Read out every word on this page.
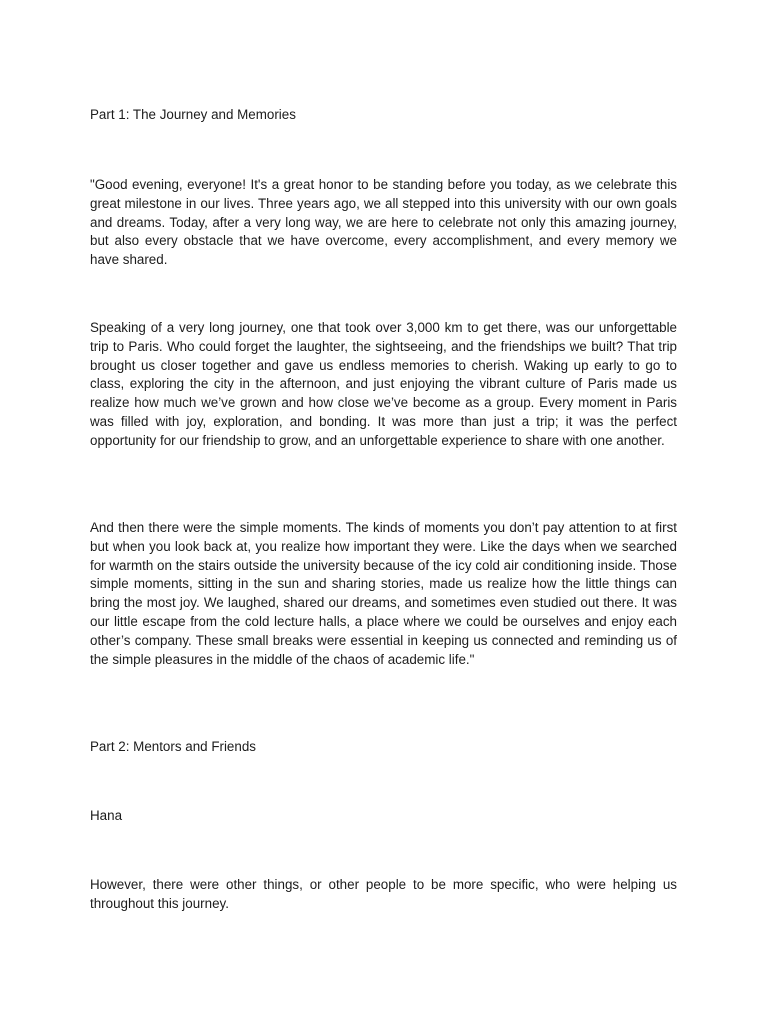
Part 1: The Journey and Memories

"Good evening, everyone! It's a great honor to be standing before you today, as we celebrate this great milestone in our lives. Three years ago, we all stepped into this university with our own goals and dreams. Today, after a very long way, we are here to celebrate not only this amazing journey, but also every obstacle that we have overcome, every accomplishment, and every memory we have shared.

Speaking of a very long journey, one that took over 3,000 km to get there, was our unforgettable trip to Paris. Who could forget the laughter, the sightseeing, and the friendships we built? That trip brought us closer together and gave us endless memories to cherish. Waking up early to go to class, exploring the city in the afternoon, and just enjoying the vibrant culture of Paris made us realize how much we’ve grown and how close we’ve become as a group. Every moment in Paris was filled with joy, exploration, and bonding. It was more than just a trip; it was the perfect opportunity for our friendship to grow, and an unforgettable experience to share with one another.

And then there were the simple moments. The kinds of moments you don’t pay attention to at first but when you look back at, you realize how important they were. Like the days when we searched for warmth on the stairs outside the university because of the icy cold air conditioning inside. Those simple moments, sitting in the sun and sharing stories, made us realize how the little things can bring the most joy. We laughed, shared our dreams, and sometimes even studied out there. It was our little escape from the cold lecture halls, a place where we could be ourselves and enjoy each other’s company. These small breaks were essential in keeping us connected and reminding us of the simple pleasures in the middle of the chaos of academic life."

Part 2: Mentors and Friends

Hana

However, there were other things, or other people to be more specific, who were helping us throughout this journey.
